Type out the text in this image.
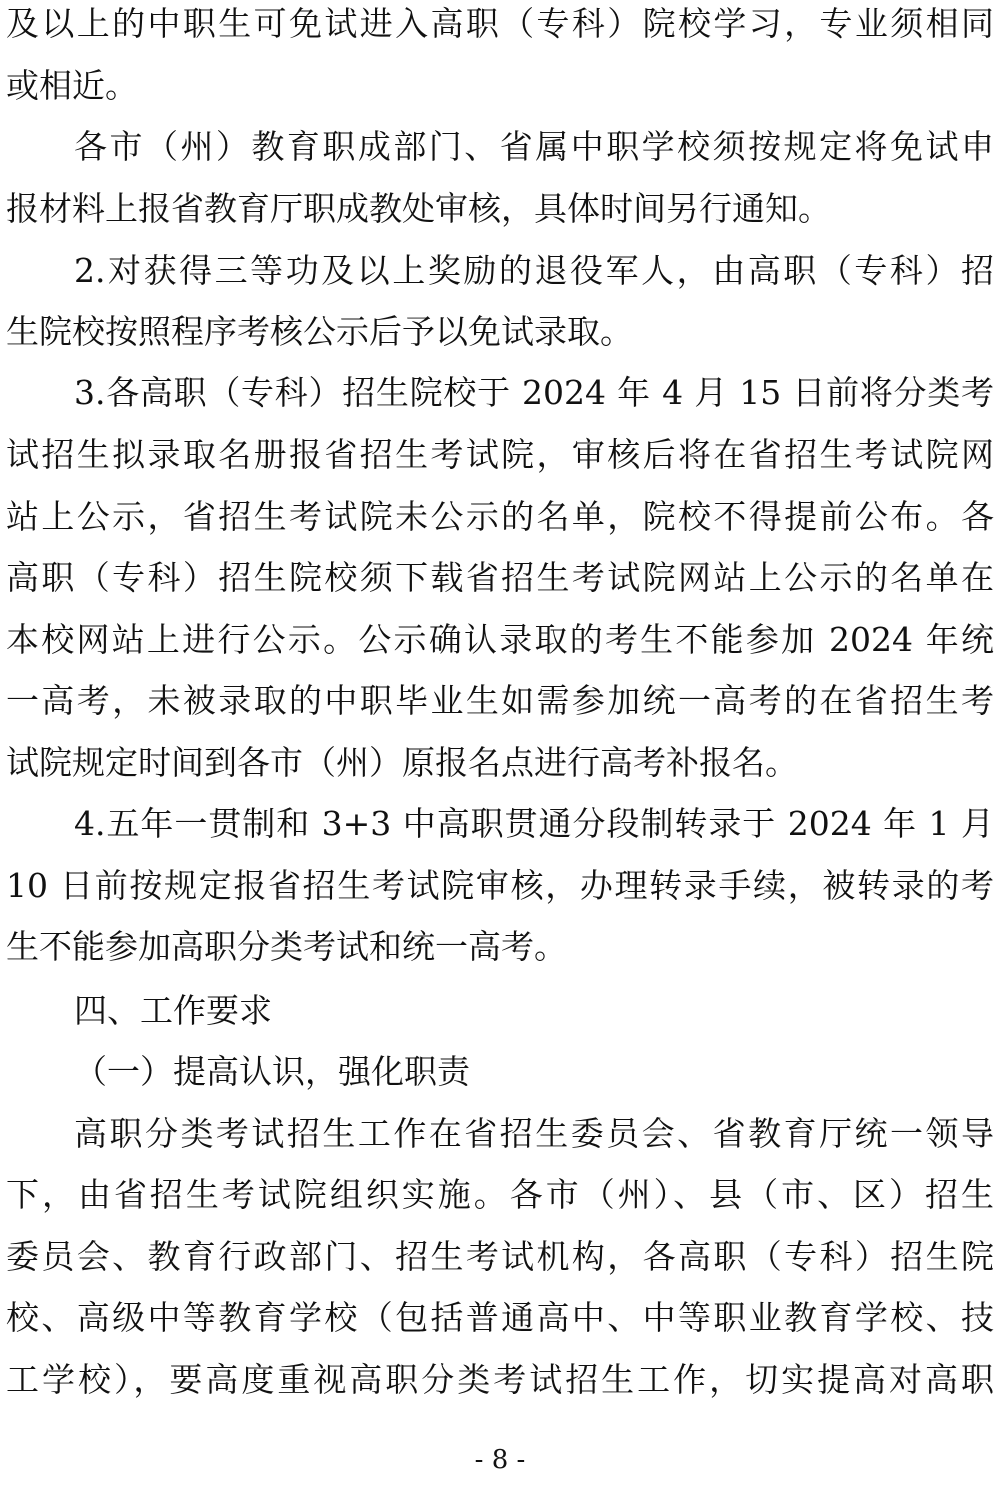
及以上的中职生可免试进入高职（专科）院校学习，专业须相同
或相近。
各市（州）教育职成部门、省属中职学校须按规定将免试申
报材料上报省教育厅职成教处审核，具体时间另行通知。
2.对获得三等功及以上奖励的退役军人，由高职（专科）招
生院校按照程序考核公示后予以免试录取。
3.各高职（专科）招生院校于 2024 年 4 月 15 日前将分类考
试招生拟录取名册报省招生考试院，审核后将在省招生考试院网
站上公示，省招生考试院未公示的名单，院校不得提前公布。各
高职（专科）招生院校须下载省招生考试院网站上公示的名单在
本校网站上进行公示。公示确认录取的考生不能参加 2024 年统
一高考，未被录取的中职毕业生如需参加统一高考的在省招生考
试院规定时间到各市（州）原报名点进行高考补报名。
4.五年一贯制和 3+3 中高职贯通分段制转录于 2024 年 1 月
10 日前按规定报省招生考试院审核，办理转录手续，被转录的考
生不能参加高职分类考试和统一高考。
四、工作要求
（一）提高认识，强化职责
高职分类考试招生工作在省招生委员会、省教育厅统一领导
下，由省招生考试院组织实施。各市（州）、县（市、区）招生
委员会、教育行政部门、招生考试机构，各高职（专科）招生院
校、高级中等教育学校（包括普通高中、中等职业教育学校、技
工学校），要高度重视高职分类考试招生工作，切实提高对高职
- 8 -
